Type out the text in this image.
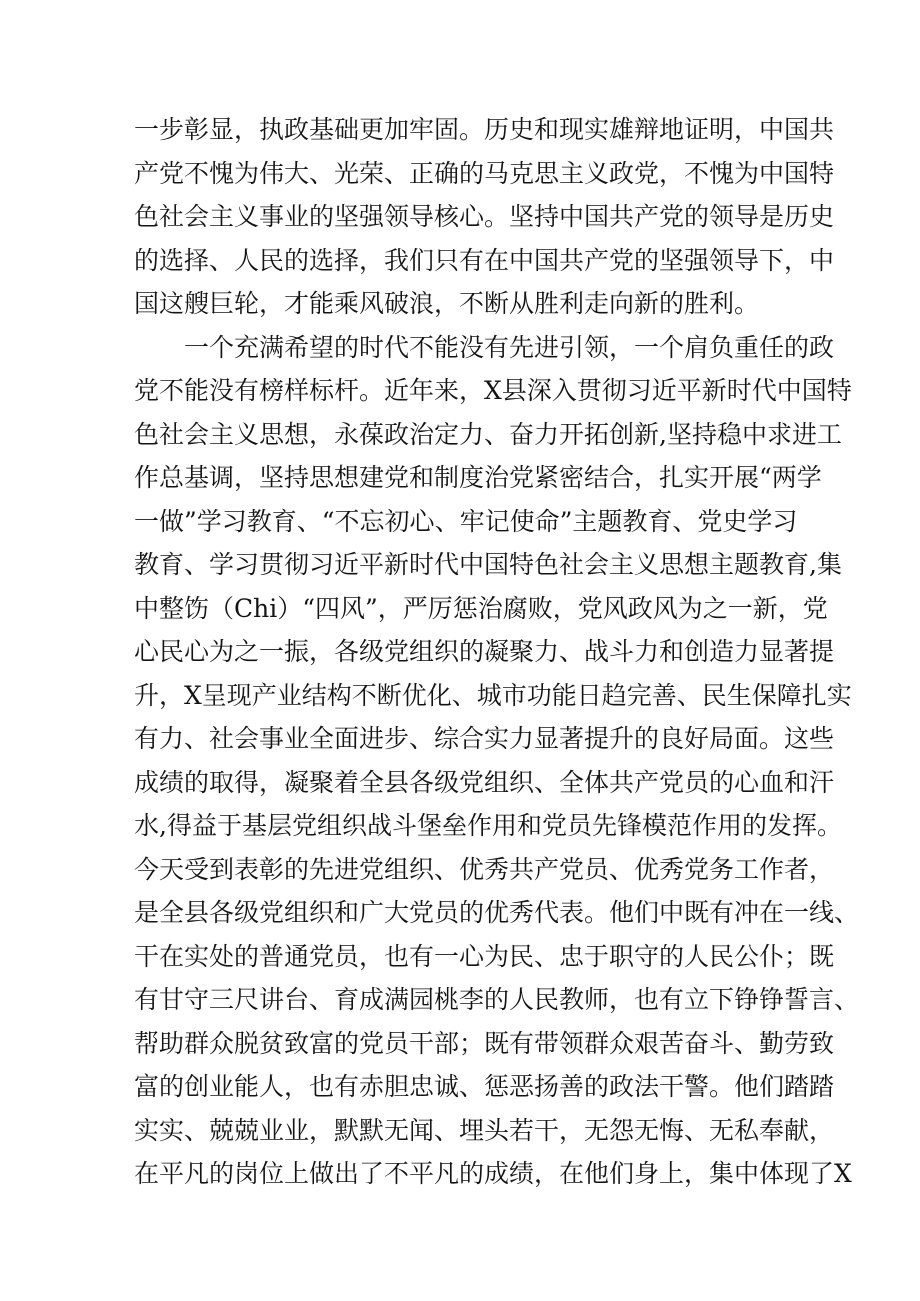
一步彰显，执政基础更加牢固。历史和现实雄辩地证明，中国共
产党不愧为伟大、光荣、正确的马克思主义政党，不愧为中国特
色社会主义事业的坚强领导核心。坚持中国共产党的领导是历史
的选择、人民的选择，我们只有在中国共产党的坚强领导下，中
国这艘巨轮，才能乘风破浪，不断从胜利走向新的胜利。
一个充满希望的时代不能没有先进引领，一个肩负重任的政
党不能没有榜样标杆。近年来，X县深入贯彻习近平新时代中国特
色社会主义思想，永葆政治定力、奋力开拓创新,坚持稳中求进工
作总基调，坚持思想建党和制度治党紧密结合，扎实开展“两学
一做”学习教育、“不忘初心、牢记使命”主题教育、党史学习
教育、学习贯彻习近平新时代中国特色社会主义思想主题教育,集
中整饬（Chi）“四风”，严厉惩治腐败，党风政风为之一新，党
心民心为之一振，各级党组织的凝聚力、战斗力和创造力显著提
升，X呈现产业结构不断优化、城市功能日趋完善、民生保障扎实
有力、社会事业全面进步、综合实力显著提升的良好局面。这些
成绩的取得，凝聚着全县各级党组织、全体共产党员的心血和汗
水,得益于基层党组织战斗堡垒作用和党员先锋模范作用的发挥。
今天受到表彰的先进党组织、优秀共产党员、优秀党务工作者，
是全县各级党组织和广大党员的优秀代表。他们中既有冲在一线、
干在实处的普通党员，也有一心为民、忠于职守的人民公仆；既
有甘守三尺讲台、育成满园桃李的人民教师，也有立下铮铮誓言、
帮助群众脱贫致富的党员干部；既有带领群众艰苦奋斗、勤劳致
富的创业能人，也有赤胆忠诚、惩恶扬善的政法干警。他们踏踏
实实、兢兢业业，默默无闻、埋头若干，无怨无悔、无私奉献，
在平凡的岗位上做出了不平凡的成绩，在他们身上，集中体现了X
